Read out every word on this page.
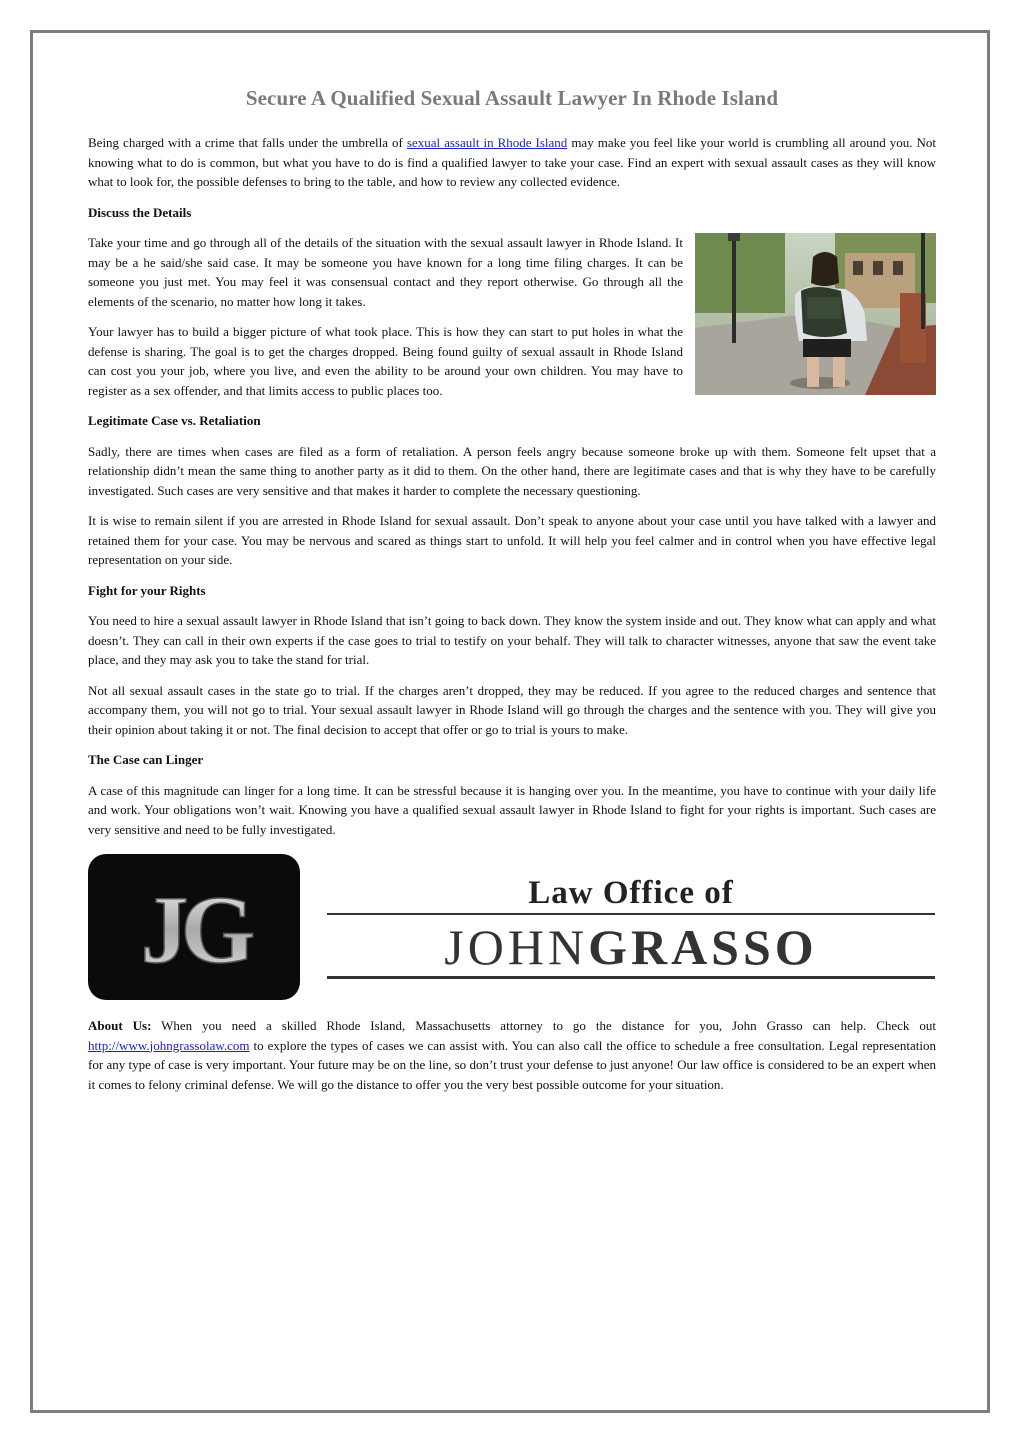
Secure A Qualified Sexual Assault Lawyer In Rhode Island

Being charged with a crime that falls under the umbrella of sexual assault in Rhode Island may make you feel like your world is crumbling all around you. Not knowing what to do is common, but what you have to do is find a qualified lawyer to take your case. Find an expert with sexual assault cases as they will know what to look for, the possible defenses to bring to the table, and how to review any collected evidence.

Discuss the Details

Take your time and go through all of the details of the situation with the sexual assault lawyer in Rhode Island. It may be a he said/she said case. It may be someone you have known for a long time filing charges. It can be someone you just met. You may feel it was consensual contact and they report otherwise. Go through all the elements of the scenario, no matter how long it takes.

Your lawyer has to build a bigger picture of what took place. This is how they can start to put holes in what the defense is sharing. The goal is to get the charges dropped. Being found guilty of sexual assault in Rhode Island can cost you your job, where you live, and even the ability to be around your own children. You may have to register as a sex offender, and that limits access to public places too.

Legitimate Case vs. Retaliation

Sadly, there are times when cases are filed as a form of retaliation. A person feels angry because someone broke up with them. Someone felt upset that a relationship didn’t mean the same thing to another party as it did to them. On the other hand, there are legitimate cases and that is why they have to be carefully investigated. Such cases are very sensitive and that makes it harder to complete the necessary questioning.

It is wise to remain silent if you are arrested in Rhode Island for sexual assault. Don’t speak to anyone about your case until you have talked with a lawyer and retained them for your case. You may be nervous and scared as things start to unfold. It will help you feel calmer and in control when you have effective legal representation on your side.

Fight for your Rights

You need to hire a sexual assault lawyer in Rhode Island that isn’t going to back down. They know the system inside and out. They know what can apply and what doesn’t. They can call in their own experts if the case goes to trial to testify on your behalf. They will talk to character witnesses, anyone that saw the event take place, and they may ask you to take the stand for trial.

Not all sexual assault cases in the state go to trial. If the charges aren’t dropped, they may be reduced. If you agree to the reduced charges and sentence that accompany them, you will not go to trial. Your sexual assault lawyer in Rhode Island will go through the charges and the sentence with you. They will give you their opinion about taking it or not. The final decision to accept that offer or go to trial is yours to make.

The Case can Linger

A case of this magnitude can linger for a long time. It can be stressful because it is hanging over you. In the meantime, you have to continue with your daily life and work. Your obligations won’t wait. Knowing you have a qualified sexual assault lawyer in Rhode Island to fight for your rights is important. Such cases are very sensitive and need to be fully investigated.

JG	Law Office of
JOHNGRASSO

About Us: When you need a skilled Rhode Island, Massachusetts attorney to go the distance for you, John Grasso can help. Check out http://www.johngrassolaw.com to explore the types of cases we can assist with. You can also call the office to schedule a free consultation. Legal representation for any type of case is very important. Your future may be on the line, so don’t trust your defense to just anyone! Our law office is considered to be an expert when it comes to felony criminal defense. We will go the distance to offer you the very best possible outcome for your situation.
